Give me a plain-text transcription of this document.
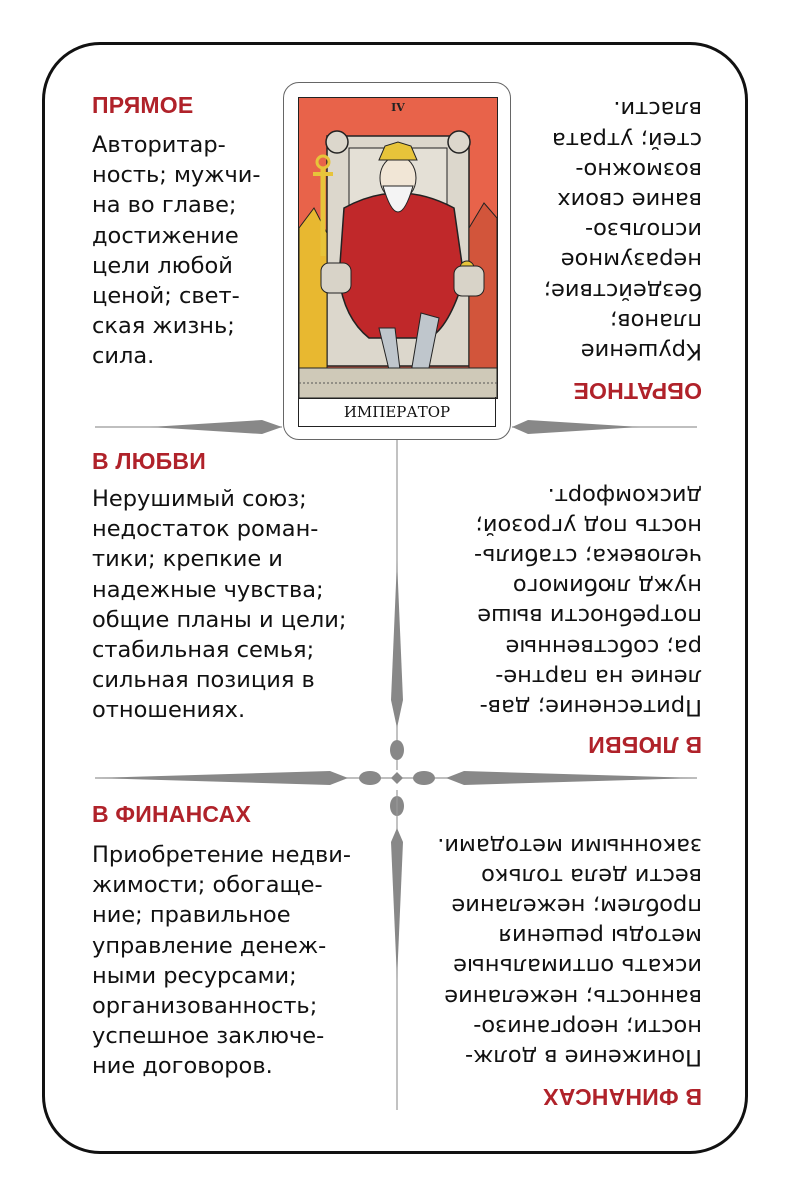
IV
ИМПЕРАТОР
ПРЯМОЕ
Авторитар-
ность; мужчи-
на во главе;
достижение
цели любой
ценой; свет-
ская жизнь;
сила.
ОБРАТНОЕ
Крушение
планов;
бездействие;
неразумное
использо-
вание своих
возможно-
стей; утрата
власти.
В ЛЮБВИ
Нерушимый союз;
недостаток роман-
тики; крепкие и
надежные чувства;
общие планы и цели;
стабильная семья;
сильная позиция в
отношениях.
В ЛЮБВИ
Притеснение; дав-
ление на партне-
ра; собственные
потребности выше
нужд любимого
человека; стабиль-
ность под угрозой;
дискомфорт.
В ФИНАНСАХ
Приобретение недви-
жимости; обогаще-
ние; правильное
управление денеж-
ными ресурсами;
организованность;
успешное заключе-
ние договоров.
В ФИНАНСАХ
Понижение в долж-
ности; неорганизо-
ванность; нежелание
искать оптимальные
методы решения
проблем; нежелание
вести дела только
законными методами.
